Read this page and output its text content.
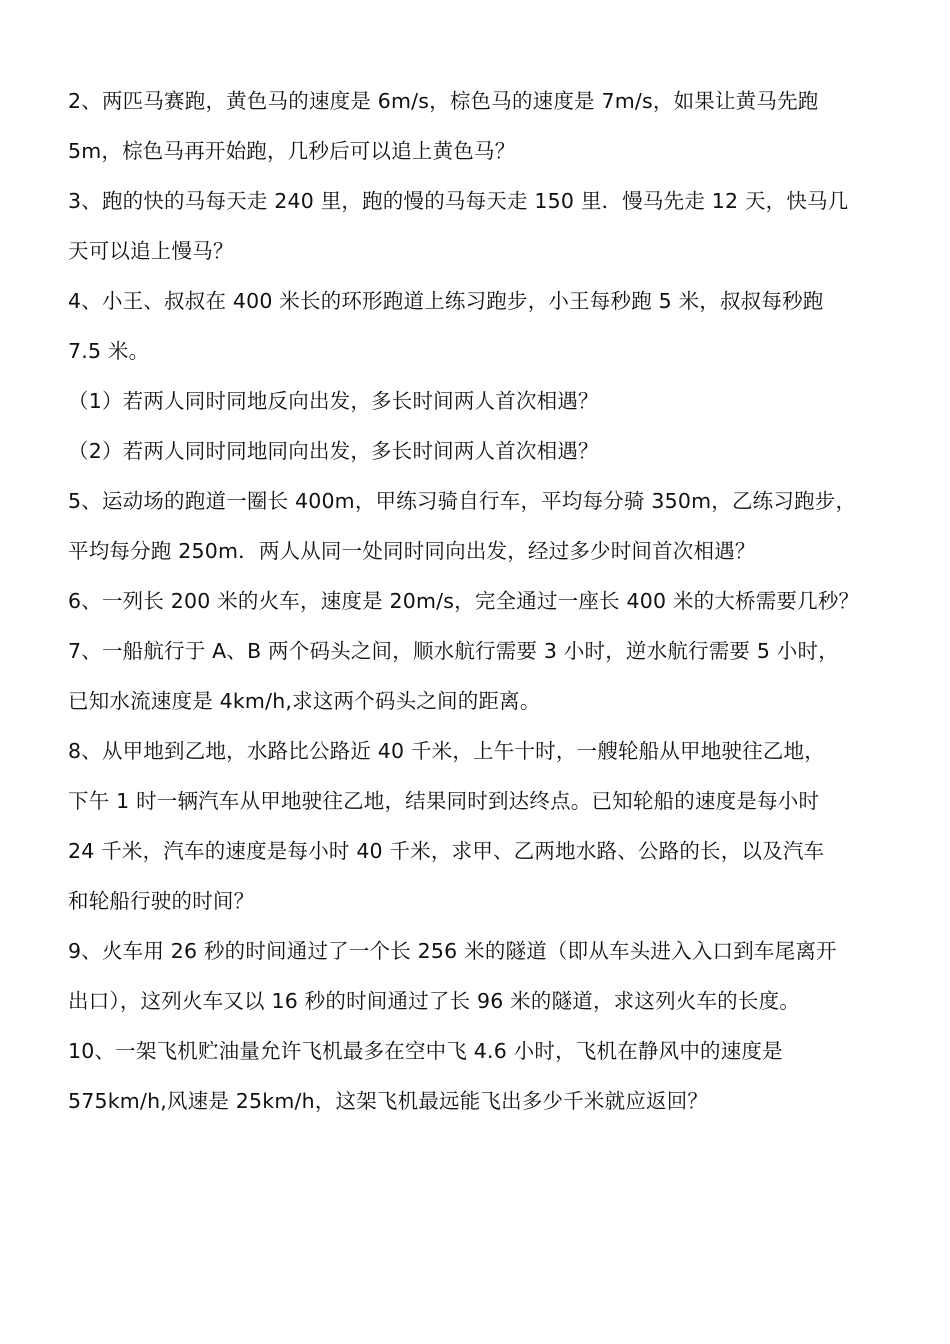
2、两匹马赛跑，黄色马的速度是 6m/s，棕色马的速度是 7m/s，如果让黄马先跑
5m，棕色马再开始跑，几秒后可以追上黄色马？
3、跑的快的马每天走 240 里，跑的慢的马每天走 150 里．慢马先走 12 天，快马几
天可以追上慢马？
4、小王、叔叔在 400 米长的环形跑道上练习跑步，小王每秒跑 5 米，叔叔每秒跑
7.5 米。
（1）若两人同时同地反向出发，多长时间两人首次相遇？
（2）若两人同时同地同向出发，多长时间两人首次相遇？
5、运动场的跑道一圈长 400m，甲练习骑自行车，平均每分骑 350m，乙练习跑步，
平均每分跑 250m．两人从同一处同时同向出发，经过多少时间首次相遇？
6、一列长 200 米的火车，速度是 20m/s，完全通过一座长 400 米的大桥需要几秒？
7、一船航行于 A、B 两个码头之间，顺水航行需要 3 小时，逆水航行需要 5 小时，
已知水流速度是 4km/h,求这两个码头之间的距离。
8、从甲地到乙地，水路比公路近 40 千米，上午十时，一艘轮船从甲地驶往乙地，
下午 1 时一辆汽车从甲地驶往乙地，结果同时到达终点。已知轮船的速度是每小时
24 千米，汽车的速度是每小时 40 千米，求甲、乙两地水路、公路的长，以及汽车
和轮船行驶的时间？
9、火车用 26 秒的时间通过了一个长 256 米的隧道（即从车头进入入口到车尾离开
出口），这列火车又以 16 秒的时间通过了长 96 米的隧道，求这列火车的长度。
10、一架飞机贮油量允许飞机最多在空中飞 4.6 小时，飞机在静风中的速度是
575km/h,风速是 25km/h，这架飞机最远能飞出多少千米就应返回？
